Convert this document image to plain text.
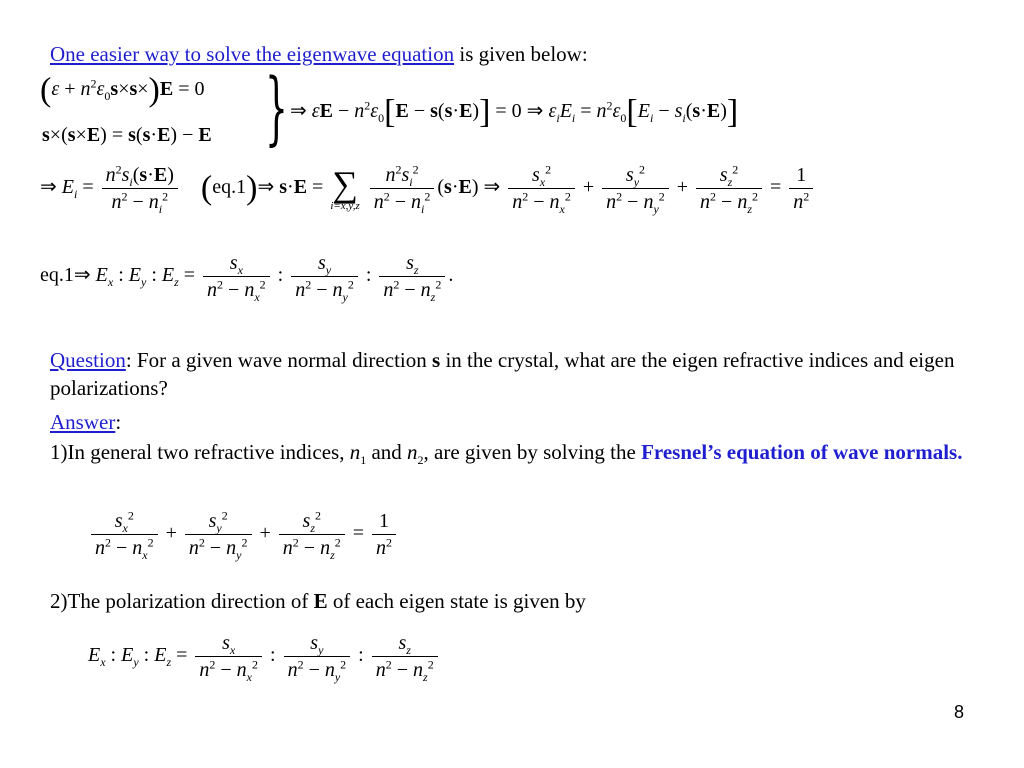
One easier way to solve the eigenwave equation is given below:
$(\varepsilon + n^2\varepsilon_0s\times s\times)E = 0$
s×(s×E) = s(s·E) − E } ⇒ $\varepsilon E - n^2\varepsilon_0[E - s(s\cdot E)] = 0$ ⇒ $\varepsilon_iE_i = n^2\varepsilon_0[E_i - s_i(s\cdot E)]$
⇒ $E_i = \frac{n^2s_i(s\cdot E)}{n^2 - n_i^2}$ (eq.1)⇒ s·E = ∑
i=x,y,z
$\frac{n^2s_i^2}{n^2 - n_i^2} (s\cdot E)$ ⇒ $\frac{s_x^2}{n^2 - n_x^2} + \frac{s_y^2}{n^2 - n_y^2} + \frac{s_z^2}{n^2 - n_z^2} = \frac{1}{n^2}$
eq.1⇒ $E_x$ : $E_y$ : $E_z = \frac{s_x}{n^2 - n_x^2}$ : $\frac{s_y}{n^2 - n_y^2}$ : $\frac{s_z}{n^2 - n_z^2}$ .
Question: For a given wave normal direction s in the crystal, what are the eigen refractive indices and eigen polarizations?
Answer:
1)In general two refractive indices, $n_1$ and $n_2$, are given by solving the Fresnel’s equation of wave normals.
$\frac{s_x^2}{n^2 - n_x^2} + \frac{s_y^2}{n^2 - n_y^2} + \frac{s_z^2}{n^2 - n_z^2} = \frac{1}{n^2}$
2)The polarization direction of E of each eigen state is given by
$E_x$ : $E_y$ : $E_z = \frac{s_x}{n^2 - n_x^2}$ : $\frac{s_y}{n^2 - n_y^2}$ : $\frac{s_z}{n^2 - n_z^2}$
8
